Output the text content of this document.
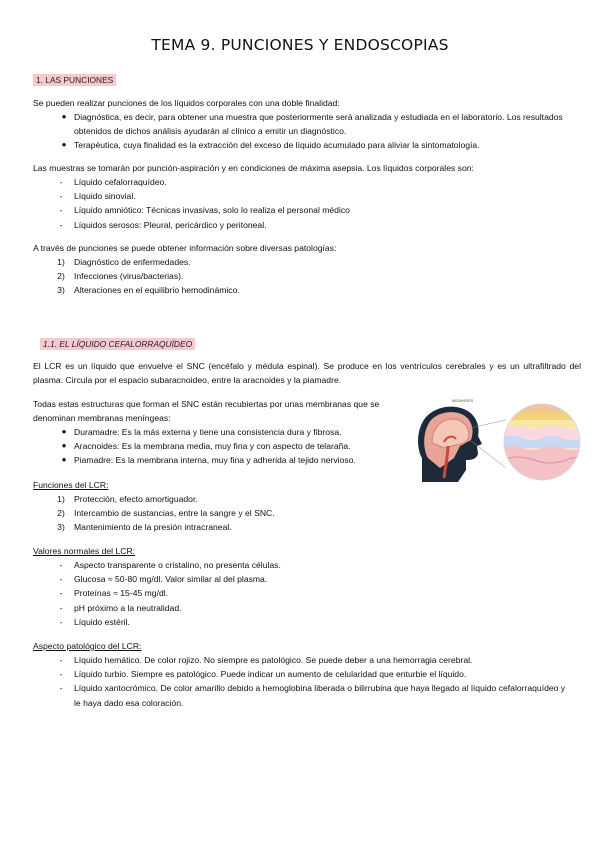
TEMA 9. PUNCIONES Y ENDOSCOPIAS
1. LAS PUNCIONES
Se pueden realizar punciones de los líquidos corporales con una doble finalidad:
● Diagnóstica, es decir, para obtener una muestra que posteriormente será analizada y estudiada en el laboratorio. Los resultados obtenidos de dichos análisis ayudarán al clínico a emitir un diagnóstico.
● Terapéutica, cuya finalidad es la extracción del exceso de líquido acumulado para aliviar la sintomatología.
Las muestras se tomarán por punción-aspiración y en condiciones de máxima asepsia. Los líquidos corporales son:
-	Líquido cefalorraquídeo.
-	Líquido sinovial.
-	Líquido amniótico: Técnicas invasivas, solo lo realiza el personal médico
-	Líquidos serosos: Pleural, pericárdico y peritoneal.
A través de punciones se puede obtener información sobre diversas patologías:
1)	Diagnóstico de enfermedades.
2)	Infecciones (virus/bacterias).
3)	Alteraciones en el equilibrio hemodinámico.
1.1. EL LÍQUIDO CEFALORRAQUÍDEO
El LCR es un líquido que envuelve el SNC (encéfalo y médula espinal). Se produce en los ventrículos cerebrales y es un ultrafiltrado del plasma. Circula por el espacio subaracnoideo, entre la aracnoides y la piamadre.
Todas estas estructuras que forman el SNC están recubiertas por unas membranas que se
denominan membranas meníngeas:
● Duramadre: Es la más externa y tiene una consistencia dura y fibrosa.
● Aracnoides: Es la membrana media, muy fina y con aspecto de telaraña.
● Piamadre: Es la membrana interna, muy fina y adherida al tejido nervioso.
MENINGES
Funciones del LCR:
1)	Protección, efecto amortiguador.
2)	Intercambio de sustancias, entre la sangre y el SNC.
3)	Mantenimiento de la presión intracraneal.
Valores normales del LCR:
-	Aspecto transparente o cristalino, no presenta células.
-	Glucosa ≈ 50-80 mg/dl. Valor similar al del plasma.
-	Proteínas ≈ 15-45 mg/dl.
-	pH próximo a la neutralidad.
-	Líquido estéril.
Aspecto patológico del LCR:
-	Líquido hemático. De color rojizo. No siempre es patológico. Se puede deber a una hemorragia cerebral.
-	Líquido turbio. Siempre es patológico. Puede indicar un aumento de celularidad que enturbie el líquido.
-	Líquido xantocrómico. De color amarillo debido a hemoglobina liberada o bilirrubina que haya llegado al líquido cefalorraquídeo y le haya dado esa coloración.
